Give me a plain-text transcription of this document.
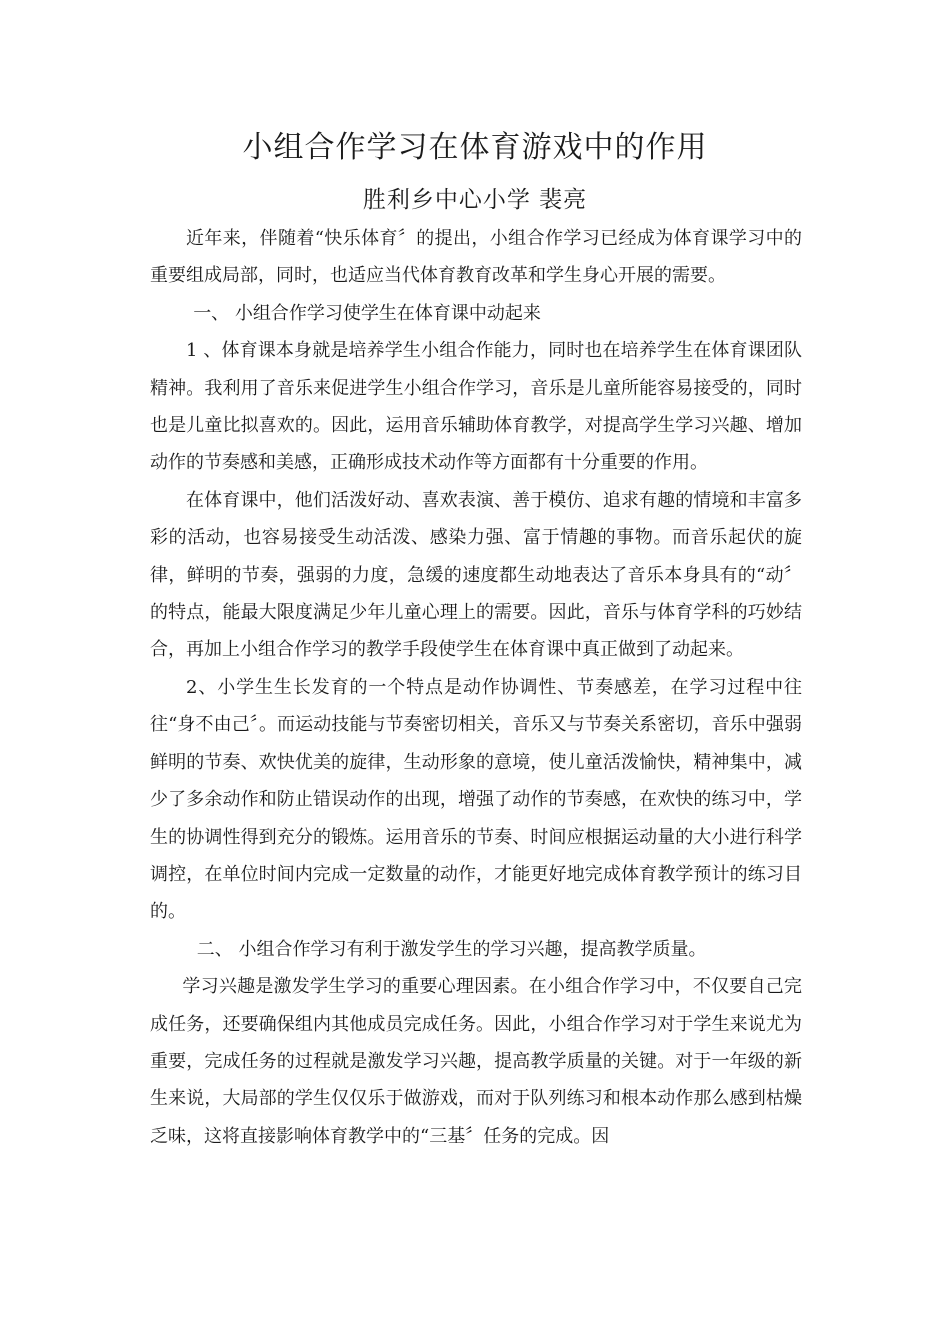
小组合作学习在体育游戏中的作用
胜利乡中心小学 裴亮

近年来，伴随着“快乐体育〞的提出，小组合作学习已经成为体育课学习中的重要组成局部，同时，也适应当代体育教育改革和学生身心开展的需要。

一、 小组合作学习使学生在体育课中动起来

1 、体育课本身就是培养学生小组合作能力，同时也在培养学生在体育课团队精神。我利用了音乐来促进学生小组合作学习，音乐是儿童所能容易接受的，同时也是儿童比拟喜欢的。因此，运用音乐辅助体育教学，对提高学生学习兴趣、增加动作的节奏感和美感，正确形成技术动作等方面都有十分重要的作用。

在体育课中，他们活泼好动、喜欢表演、善于模仿、追求有趣的情境和丰富多彩的活动，也容易接受生动活泼、感染力强、富于情趣的事物。而音乐起伏的旋律，鲜明的节奏，强弱的力度，急缓的速度都生动地表达了音乐本身具有的“动〞的特点，能最大限度满足少年儿童心理上的需要。因此，音乐与体育学科的巧妙结合，再加上小组合作学习的教学手段使学生在体育课中真正做到了动起来。

2、小学生生长发育的一个特点是动作协调性、节奏感差，在学习过程中往往“身不由己〞。而运动技能与节奏密切相关，音乐又与节奏关系密切，音乐中强弱鲜明的节奏、欢快优美的旋律，生动形象的意境，使儿童活泼愉快，精神集中，减少了多余动作和防止错误动作的出现，增强了动作的节奏感，在欢快的练习中，学生的协调性得到充分的锻炼。运用音乐的节奏、时间应根据运动量的大小进行科学调控，在单位时间内完成一定数量的动作，才能更好地完成体育教学预计的练习目的。

二、 小组合作学习有利于激发学生的学习兴趣，提高教学质量。

学习兴趣是激发学生学习的重要心理因素。在小组合作学习中，不仅要自己完成任务，还要确保组内其他成员完成任务。因此，小组合作学习对于学生来说尤为重要，完成任务的过程就是激发学习兴趣，提高教学质量的关键。对于一年级的新生来说，大局部的学生仅仅乐于做游戏，而对于队列练习和根本动作那么感到枯燥乏味，这将直接影响体育教学中的“三基〞任务的完成。因
